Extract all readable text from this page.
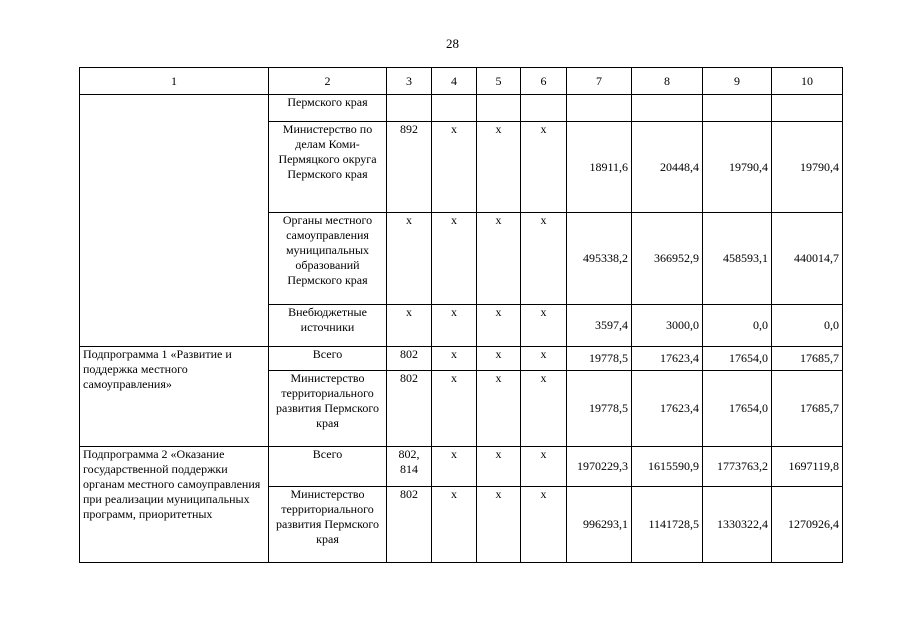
28
1	2	3	4	5	6	7	8	9	10
	Пермского края								
	Министерство по делам Коми-Пермяцкого округа Пермского края	892	x	x	x	18911,6	20448,4	19790,4	19790,4
	Органы местного самоуправления муниципальных образований Пермского края	x	x	x	x	495338,2	366952,9	458593,1	440014,7
	Внебюджетные источники	x	x	x	x	3597,4	3000,0	0,0	0,0
Подпрограмма 1 «Развитие и поддержка местного самоуправления»	Всего	802	x	x	x	19778,5	17623,4	17654,0	17685,7
	Министерство территориального развития Пермского края	802	x	x	x	19778,5	17623,4	17654,0	17685,7
Подпрограмма 2 «Оказание государственной поддержки органам местного самоуправления при реализации муниципальных программ, приоритетных	Всего	802, 814	x	x	x	1970229,3	1615590,9	1773763,2	1697119,8
	Министерство территориального развития Пермского края	802	x	x	x	996293,1	1141728,5	1330322,4	1270926,4
